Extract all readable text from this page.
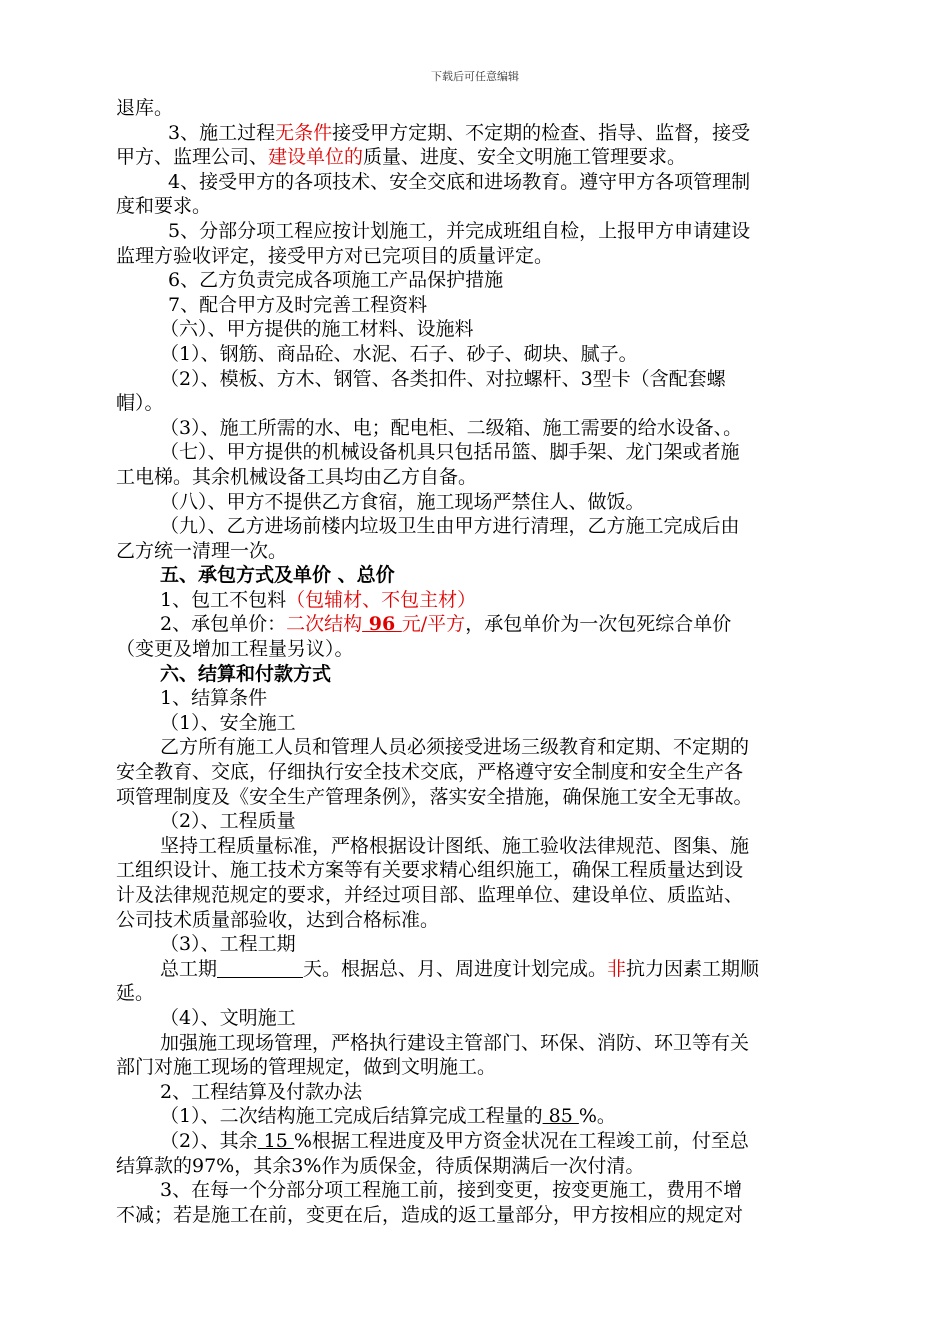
下载后可任意编辑

退库。

3、施工过程无条件接受甲方定期、不定期的检查、指导、监督，接受

甲方、监理公司、建设单位的质量、进度、安全文明施工管理要求。

4、接受甲方的各项技术、安全交底和进场教育。遵守甲方各项管理制

度和要求。

5、分部分项工程应按计划施工，并完成班组自检，上报甲方申请建设

监理方验收评定，接受甲方对已完项目的质量评定。

6、乙方负责完成各项施工产品保护措施

7、配合甲方及时完善工程资料

（六）、甲方提供的施工材料、设施料

（1）、钢筋、商品砼、水泥、石子、砂子、砌块、腻子。

（2）、模板、方木、钢管、各类扣件、对拉螺杆、3型卡（含配套螺

帽）。

（3）、施工所需的水、电；配电柜、二级箱、施工需要的给水设备、。

（七）、甲方提供的机械设备机具只包括吊篮、脚手架、龙门架或者施

工电梯。其余机械设备工具均由乙方自备。

（八）、甲方不提供乙方食宿，施工现场严禁住人、做饭。

（九）、乙方进场前楼内垃圾卫生由甲方进行清理，乙方施工完成后由

乙方统一清理一次。

五、承包方式及单价 、总价

1、包工不包料（包辅材、不包主材）

2、承包单价：二次结构 96 元/平方，承包单价为一次包死综合单价

（变更及增加工程量另议）。

六、结算和付款方式

1、结算条件

（1）、安全施工

乙方所有施工人员和管理人员必须接受进场三级教育和定期、不定期的

安全教育、交底，仔细执行安全技术交底，严格遵守安全制度和安全生产各

项管理制度及《安全生产管理条例》，落实安全措施，确保施工安全无事故。

（2）、工程质量

坚持工程质量标准，严格根据设计图纸、施工验收法律规范、图集、施

工组织设计、施工技术方案等有关要求精心组织施工，确保工程质量达到设

计及法律规范规定的要求，并经过项目部、监理单位、建设单位、质监站、

公司技术质量部验收，达到合格标准。

（3）、工程工期

总工期	天。根据总、月、周进度计划完成。非抗力因素工期顺

延。

（4）、文明施工

加强施工现场管理，严格执行建设主管部门、环保、消防、环卫等有关

部门对施工现场的管理规定，做到文明施工。

2、工程结算及付款办法

（1）、二次结构施工完成后结算完成工程量的 85 %。

（2）、其余 15 %根据工程进度及甲方资金状况在工程竣工前，付至总

结算款的97%，其余3%作为质保金，待质保期满后一次付清。

3、在每一个分部分项工程施工前，接到变更，按变更施工，费用不增

不减；若是施工在前，变更在后，造成的返工量部分，甲方按相应的规定对
